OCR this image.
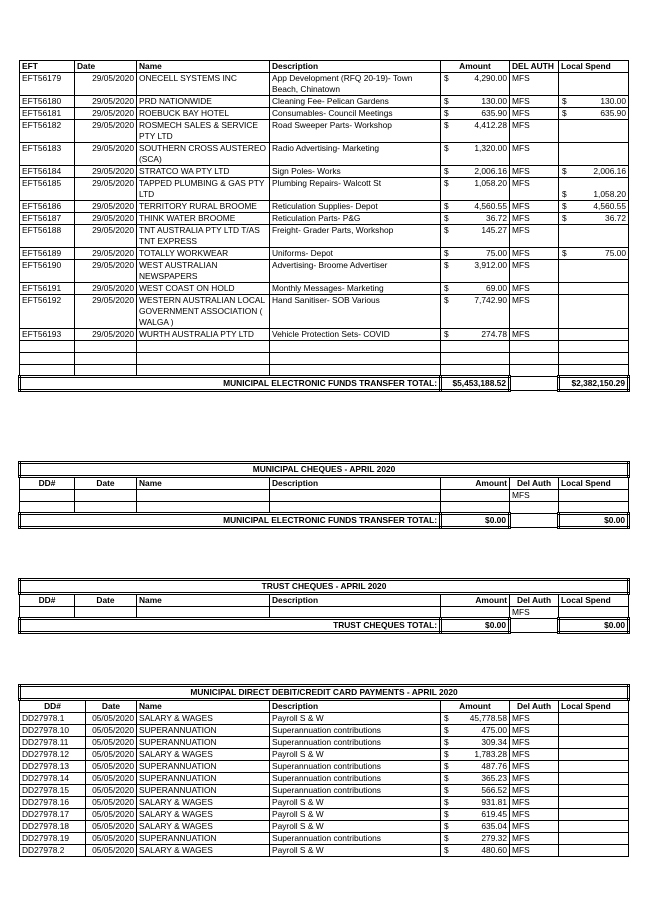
EFT	Date	Name	Description	Amount	DEL AUTH	Local Spend
EFT56179	29/05/2020	ONECELL SYSTEMS INC	App Development (RFQ 20-19)- Town Beach, Chinatown	$ 4,290.00	MFS	

EFT56180	29/05/2020	PRD NATIONWIDE	Cleaning Fee- Pelican Gardens	$ 130.00	MFS	$ 130.00

EFT56181	29/05/2020	ROEBUCK BAY HOTEL	Consumables- Council Meetings	$ 635.90	MFS	$ 635.90

EFT56182	29/05/2020	ROSMECH SALES & SERVICE PTY LTD	Road Sweeper Parts- Workshop	$ 4,412.28	MFS	

EFT56183	29/05/2020	SOUTHERN CROSS AUSTEREO (SCA)	Radio Advertising- Marketing	$ 1,320.00	MFS	

EFT56184	29/05/2020	STRATCO WA PTY LTD	Sign Poles- Works	$ 2,006.16	MFS	$ 2,006.16

EFT56185	29/05/2020	TAPPED PLUMBING & GAS PTY LTD	Plumbing Repairs- Walcott St	$ 1,058.20	MFS	$ 1,058.20

EFT56186	29/05/2020	TERRITORY RURAL BROOME	Reticulation Supplies- Depot	$ 4,560.55	MFS	$ 4,560.55

EFT56187	29/05/2020	THINK WATER BROOME	Reticulation Parts- P&G	$ 36.72	MFS	$ 36.72

EFT56188	29/05/2020	TNT AUSTRALIA PTY LTD T/AS TNT EXPRESS	Freight- Grader Parts, Workshop	$ 145.27	MFS	

EFT56189	29/05/2020	TOTALLY WORKWEAR	Uniforms- Depot	$ 75.00	MFS	$ 75.00

EFT56190	29/05/2020	WEST AUSTRALIAN NEWSPAPERS	Advertising- Broome Advertiser	$ 3,912.00	MFS	

EFT56191	29/05/2020	WEST COAST ON HOLD	Monthly Messages- Marketing	$ 69.00	MFS	

EFT56192	29/05/2020	WESTERN AUSTRALIAN LOCAL GOVERNMENT ASSOCIATION ( WALGA )	Hand Sanitiser- SOB Various	$ 7,742.90	MFS	

EFT56193	29/05/2020	WURTH AUSTRALIA PTY LTD	Vehicle Protection Sets- COVID	$ 274.78	MFS	

MUNICIPAL ELECTRONIC FUNDS TRANSFER TOTAL:				$5,453,188.52		$2,382,150.29
MUNICIPAL CHEQUES - APRIL 2020						
DD#	Date	Name	Description	Amount	Del Auth	Local Spend
					MFS	

MUNICIPAL ELECTRONIC FUNDS TRANSFER TOTAL:				$0.00		$0.00
TRUST CHEQUES - APRIL 2020						
DD#	Date	Name	Description	Amount	Del Auth	Local Spend
					MFS	
TRUST CHEQUES TOTAL:				$0.00		$0.00
MUNICIPAL DIRECT DEBIT/CREDIT CARD PAYMENTS - APRIL 2020						
DD#	Date	Name	Description	Amount	Del Auth	Local Spend
DD27978.1	05/05/2020	SALARY & WAGES	Payroll S & W	$ 45,778.58	MFS	
DD27978.10	05/05/2020	SUPERANNUATION	Superannuation contributions	$ 475.00	MFS	
DD27978.11	05/05/2020	SUPERANNUATION	Superannuation contributions	$ 309.34	MFS	
DD27978.12	05/05/2020	SALARY & WAGES	Payroll S & W	$ 1,783.28	MFS	
DD27978.13	05/05/2020	SUPERANNUATION	Superannuation contributions	$ 487.76	MFS	
DD27978.14	05/05/2020	SUPERANNUATION	Superannuation contributions	$ 365.23	MFS	
DD27978.15	05/05/2020	SUPERANNUATION	Superannuation contributions	$ 566.52	MFS	
DD27978.16	05/05/2020	SALARY & WAGES	Payroll S & W	$ 931.81	MFS	
DD27978.17	05/05/2020	SALARY & WAGES	Payroll S & W	$ 619.45	MFS	
DD27978.18	05/05/2020	SALARY & WAGES	Payroll S & W	$ 635.04	MFS	
DD27978.19	05/05/2020	SUPERANNUATION	Superannuation contributions	$ 279.32	MFS	
DD27978.2	05/05/2020	SALARY & WAGES	Payroll S & W	$ 480.60	MFS	
